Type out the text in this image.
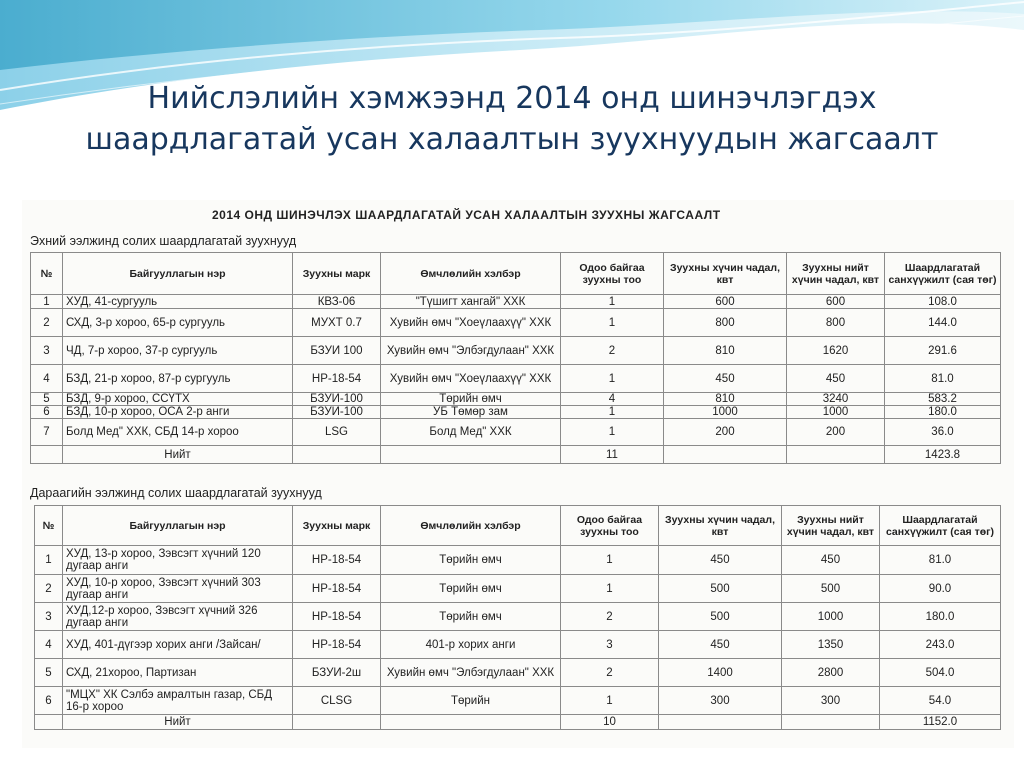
Нийслэлийн хэмжээнд 2014 онд шинэчлэгдэх
шаардлагатай усан халаалтын зуухнуудын жагсаалт
2014 ОНД ШИНЭЧЛЭХ ШААРДЛАГАТАЙ УСАН ХАЛААЛТЫН ЗУУХНЫ ЖАГСААЛТ
Эхний ээлжинд солих шаардлагатай зуухнууд
№	Байгууллагын нэр	Зуухны марк	Өмчлөлийн хэлбэр	Одоо байгаа зуухны тоо	Зуухны хүчин чадал, квт	Зуухны нийт хүчин чадал, квт	Шаардлагатай санхүүжилт (сая төг)
1	ХУД, 41-сургууль	КВЗ-06	"Түшигт хангай" ХХК	1	600	600	108.0
2	СХД, 3-р хороо, 65-р сургууль	МУХТ 0.7	Хувийн өмч "Хоеүлаахүү" ХХК	1	800	800	144.0
3	ЧД, 7-р хороо, 37-р сургууль	БЗУИ 100	Хувийн өмч "Элбэгдулаан" ХХК	2	810	1620	291.6
4	БЗД, 21-р хороо, 87-р сургууль	НР-18-54	Хувийн өмч "Хоеүлаахүү" ХХК	1	450	450	81.0
5	БЗД, 9-р хороо, ССҮТХ	БЗУИ-100	Төрийн өмч	4	810	3240	583.2
6	БЗД, 10-р хороо, ОСА 2-р анги	БЗУИ-100	УБ Төмөр зам	1	1000	1000	180.0
7	Болд Мед" ХХК, СБД 14-р хороо	LSG	Болд Мед" ХХК	1	200	200	36.0
	Нийт			11			1423.8
Дараагийн ээлжинд солих шаардлагатай зуухнууд
№	Байгууллагын нэр	Зуухны марк	Өмчлөлийн хэлбэр	Одоо байгаа зуухны тоо	Зуухны хүчин чадал, квт	Зуухны нийт хүчин чадал, квт	Шаардлагатай санхүүжилт (сая төг)
1	ХУД, 13-р хороо, Зэвсэгт хүчний 120 дугаар анги	НР-18-54	Төрийн өмч	1	450	450	81.0
2	ХУД, 10-р хороо, Зэвсэгт хүчний 303 дугаар анги	НР-18-54	Төрийн өмч	1	500	500	90.0
3	ХУД,12-р хороо, Зэвсэгт хүчний 326 дугаар анги	НР-18-54	Төрийн өмч	2	500	1000	180.0
4	ХУД, 401-дүгээр хорих анги /Зайсан/	НР-18-54	401-р хорих анги	3	450	1350	243.0
5	СХД, 21хороо, Партизан	БЗУИ-2ш	Хувийн өмч "Элбэгдулаан" ХХК	2	1400	2800	504.0
6	"МЦХ" ХК Сэлбэ амралтын газар, СБД 16-р хороо	CLSG	Төрийн	1	300	300	54.0
	Нийт			10			1152.0
